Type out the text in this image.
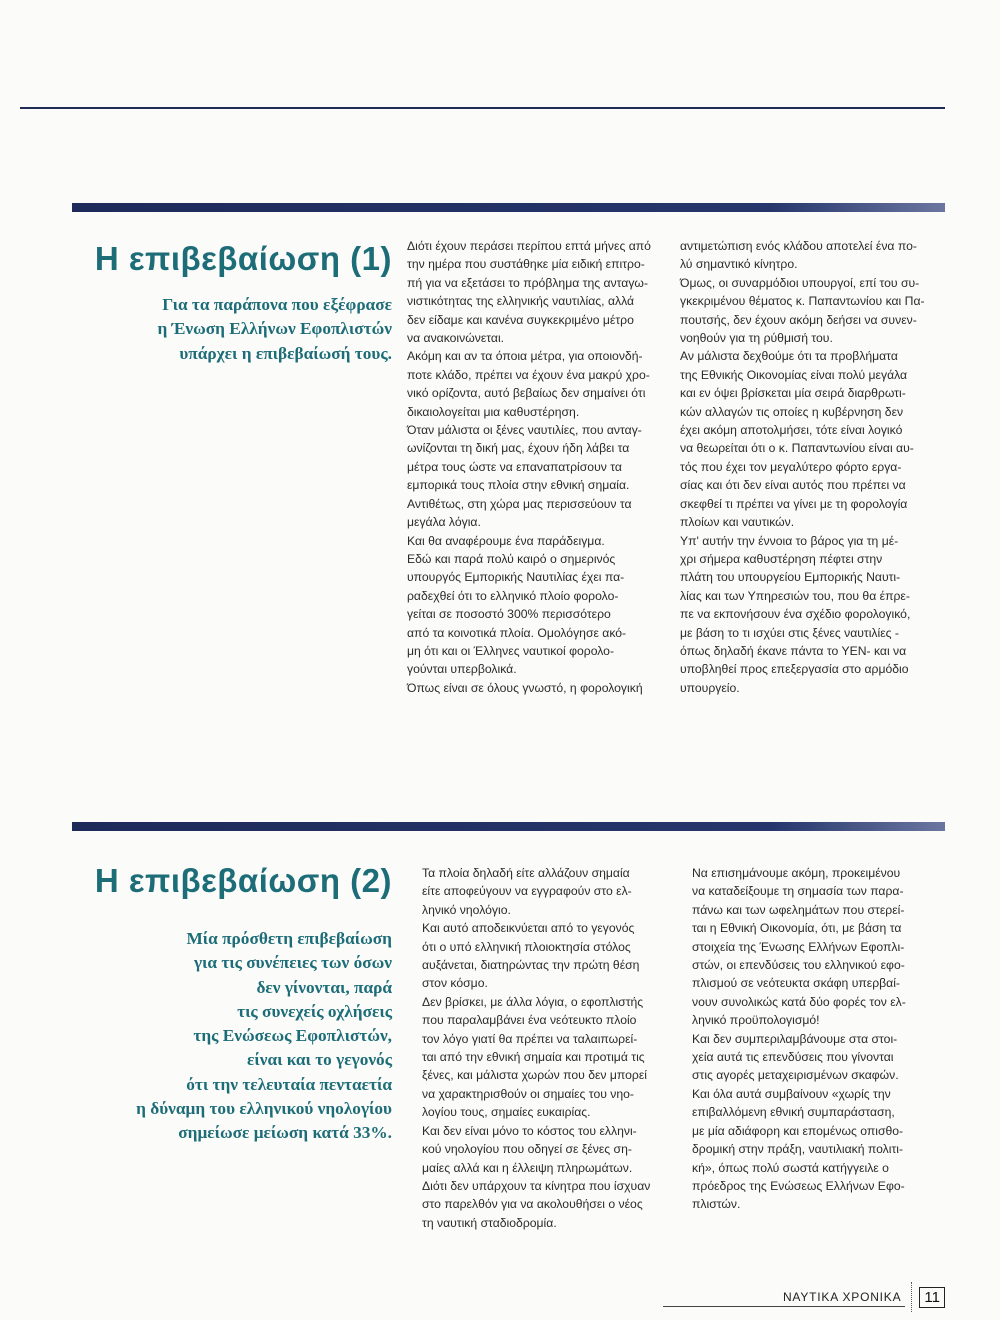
Η επιβεβαίωση (1)
Για τα παράπονα που εξέφρασε
η Ένωση Ελλήνων Εφοπλιστών
υπάρχει η επιβεβαίωσή τους.
Διότι έχουν περάσει περίπου επτά μήνες από
την ημέρα που συστάθηκε μία ειδική επιτρο-
πή για να εξετάσει το πρόβλημα της ανταγω-
νιστικότητας της ελληνικής ναυτιλίας, αλλά
δεν είδαμε και κανένα συγκεκριμένο μέτρο
να ανακοινώνεται.
Ακόμη και αν τα όποια μέτρα, για οποιονδή-
ποτε κλάδο, πρέπει να έχουν ένα μακρύ χρο-
νικό ορίζοντα, αυτό βεβαίως δεν σημαίνει ότι
δικαιολογείται μια καθυστέρηση.
Όταν μάλιστα οι ξένες ναυτιλίες, που ανταγ-
ωνίζονται τη δική μας, έχουν ήδη λάβει τα
μέτρα τους ώστε να επαναπατρίσουν τα
εμπορικά τους πλοία στην εθνική σημαία.
Αντιθέτως, στη χώρα μας περισσεύουν τα
μεγάλα λόγια.
Και θα αναφέρουμε ένα παράδειγμα.
Εδώ και παρά πολύ καιρό ο σημερινός
υπουργός Εμπορικής Ναυτιλίας έχει πα-
ραδεχθεί ότι το ελληνικό πλοίο φορολο-
γείται σε ποσοστό 300% περισσότερο
από τα κοινοτικά πλοία. Ομολόγησε ακό-
μη ότι και οι Έλληνες ναυτικοί φορολο-
γούνται υπερβολικά.
Όπως είναι σε όλους γνωστό, η φορολογική
αντιμετώπιση ενός κλάδου αποτελεί ένα πο-
λύ σημαντικό κίνητρο.
Όμως, οι συναρμόδιοι υπουργοί, επί του συ-
γκεκριμένου θέματος κ. Παπαντωνίου και Πα-
πουτσής, δεν έχουν ακόμη δεήσει να συνεν-
νοηθούν για τη ρύθμισή του.
Αν μάλιστα δεχθούμε ότι τα προβλήματα
της Εθνικής Οικονομίας είναι πολύ μεγάλα
και εν όψει βρίσκεται μία σειρά διαρθρωτι-
κών αλλαγών τις οποίες η κυβέρνηση δεν
έχει ακόμη αποτολμήσει, τότε είναι λογικό
να θεωρείται ότι ο κ. Παπαντωνίου είναι αυ-
τός που έχει τον μεγαλύτερο φόρτο εργα-
σίας και ότι δεν είναι αυτός που πρέπει να
σκεφθεί τι πρέπει να γίνει με τη φορολογία
πλοίων και ναυτικών.
Υπ' αυτήν την έννοια το βάρος για τη μέ-
χρι σήμερα καθυστέρηση πέφτει στην
πλάτη του υπουργείου Εμπορικής Ναυτι-
λίας και των Υπηρεσιών του, που θα έπρε-
πε να εκπονήσουν ένα σχέδιο φορολογικό,
με βάση το τι ισχύει στις ξένες ναυτιλίες -
όπως δηλαδή έκανε πάντα το ΥΕΝ- και να
υποβληθεί προς επεξεργασία στο αρμόδιο
υπουργείο.
Η επιβεβαίωση (2)
Μία πρόσθετη επιβεβαίωση
για τις συνέπειες των όσων
δεν γίνονται, παρά
τις συνεχείς οχλήσεις
της Ενώσεως Εφοπλιστών,
είναι και το γεγονός
ότι την τελευταία πενταετία
η δύναμη του ελληνικού νηολογίου
σημείωσε μείωση κατά 33%.
Τα πλοία δηλαδή είτε αλλάζουν σημαία
είτε αποφεύγουν να εγγραφούν στο ελ-
ληνικό νηολόγιο.
Και αυτό αποδεικνύεται από το γεγονός
ότι ο υπό ελληνική πλοιοκτησία στόλος
αυξάνεται, διατηρώντας την πρώτη θέση
στον κόσμο.
Δεν βρίσκει, με άλλα λόγια, ο εφοπλιστής
που παραλαμβάνει ένα νεότευκτο πλοίο
τον λόγο γιατί θα πρέπει να ταλαιπωρεί-
ται από την εθνική σημαία και προτιμά τις
ξένες, και μάλιστα χωρών που δεν μπορεί
να χαρακτηρισθούν οι σημαίες του νηο-
λογίου τους, σημαίες ευκαιρίας.
Και δεν είναι μόνο το κόστος του ελληνι-
κού νηολογίου που οδηγεί σε ξένες ση-
μαίες αλλά και η έλλειψη πληρωμάτων.
Διότι δεν υπάρχουν τα κίνητρα που ίσχυαν
στο παρελθόν για να ακολουθήσει ο νέος
τη ναυτική σταδιοδρομία.
Να επισημάνουμε ακόμη, προκειμένου
να καταδείξουμε τη σημασία των παρα-
πάνω και των ωφελημάτων που στερεί-
ται η Εθνική Οικονομία, ότι, με βάση τα
στοιχεία της Ένωσης Ελλήνων Εφοπλι-
στών, οι επενδύσεις του ελληνικού εφο-
πλισμού σε νεότευκτα σκάφη υπερβαί-
νουν συνολικώς κατά δύο φορές τον ελ-
ληνικό προϋπολογισμό!
Και δεν συμπεριλαμβάνουμε στα στοι-
χεία αυτά τις επενδύσεις που γίνονται
στις αγορές μεταχειρισμένων σκαφών.
Και όλα αυτά συμβαίνουν «χωρίς την
επιβαλλόμενη εθνική συμπαράσταση,
με μία αδιάφορη και επομένως οπισθο-
δρομική στην πράξη, ναυτιλιακή πολιτι-
κή», όπως πολύ σωστά κατήγγειλε ο
πρόεδρος της Ενώσεως Ελλήνων Εφο-
πλιστών.
ΝΑΥΤΙΚΑ ΧΡΟΝΙΚΑ	11
